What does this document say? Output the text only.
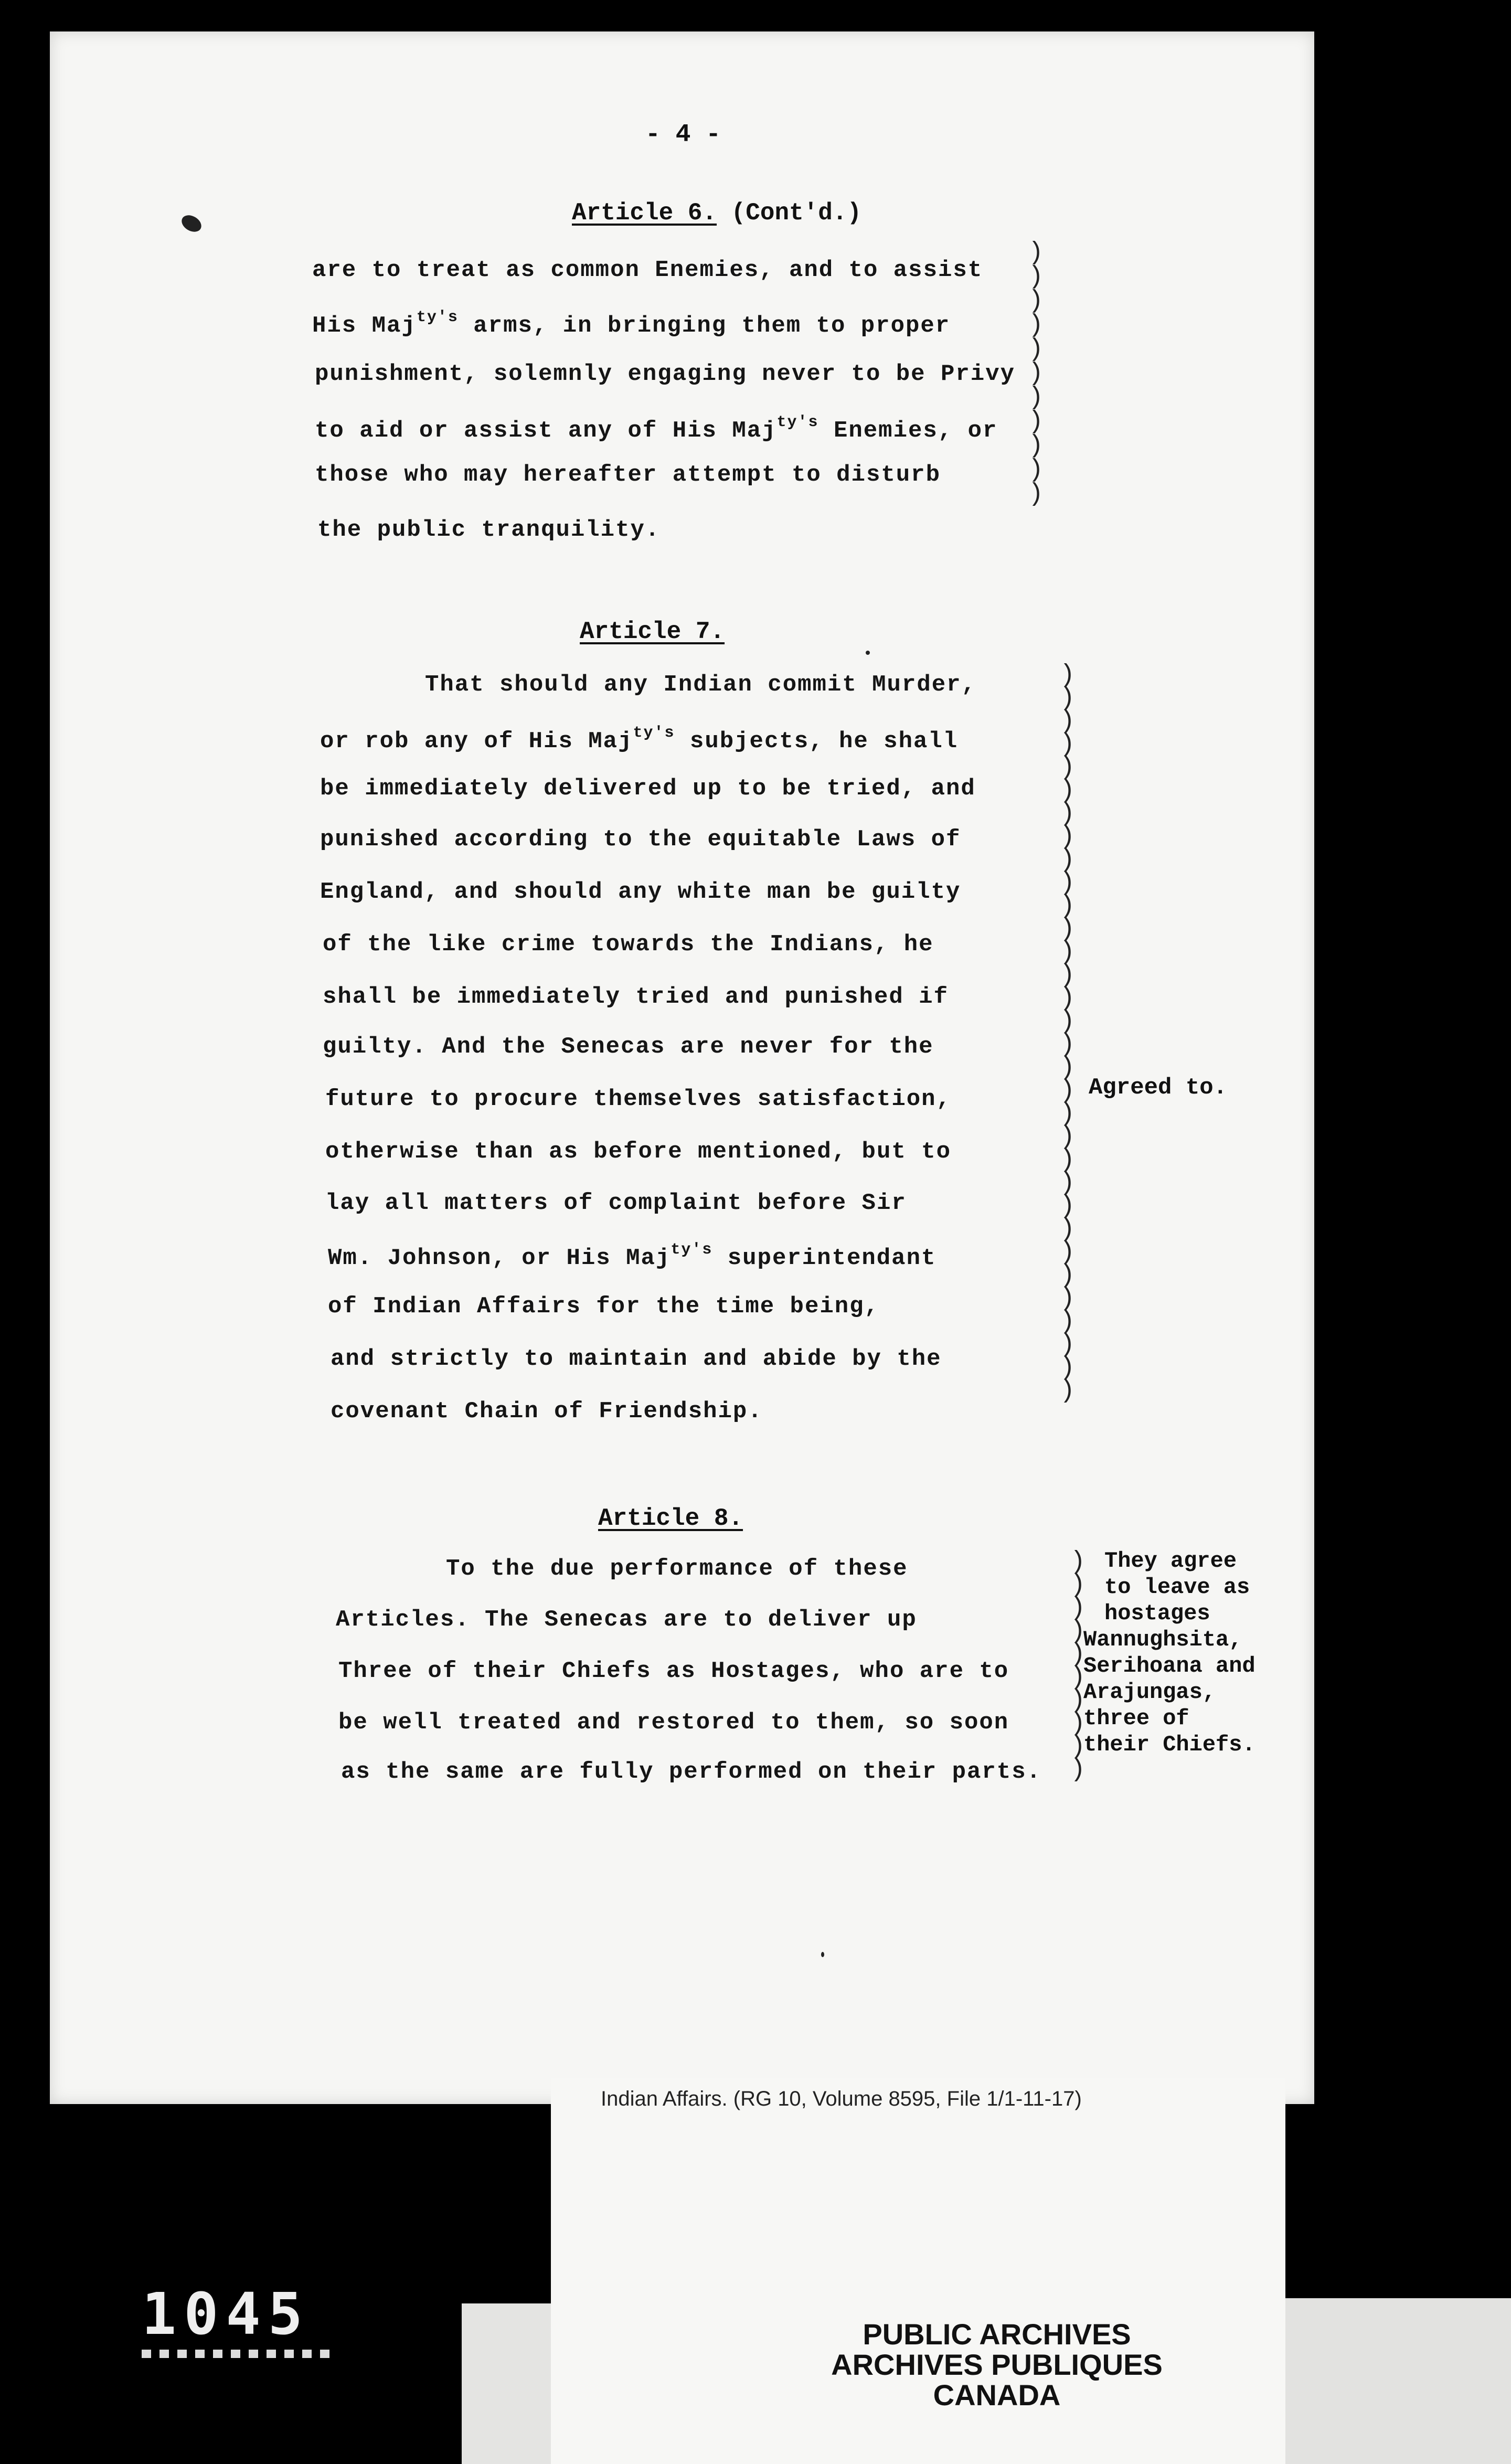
- 4 -
Article 6. (Cont'd.)
are to treat as common Enemies, and to assist
His Maj$^{ty's}$ arms, in bringing them to proper
punishment, solemnly engaging never to be Privy
to aid or assist any of His Maj$^{ty's}$ Enemies, or
those who may hereafter attempt to disturb
the public tranquility.
Article 7.
That should any Indian commit Murder,
or rob any of His Maj$^{ty's}$ subjects, he shall
be immediately delivered up to be tried, and
punished according to the equitable Laws of
England, and should any white man be guilty
of the like crime towards the Indians, he
shall be immediately tried and punished if
guilty. And the Senecas are never for the
future to procure themselves satisfaction,
otherwise than as before mentioned, but to
lay all matters of complaint before Sir
Wm. Johnson, or His Maj$^{ty's}$ superintendant
of Indian Affairs for the time being,
and strictly to maintain and abide by the
covenant Chain of Friendship.
Agreed to.
Article 8.
To the due performance of these
Articles. The Senecas are to deliver up
Three of their Chiefs as Hostages, who are to
be well treated and restored to them, so soon
as the same are fully performed on their parts.
They agree
to leave as
hostages
Wannughsita,
Serihoana and
Arajungas,
three of
their Chiefs.
)
)
)
)
)
)
)
)
)
)
)
)
)
)
)
)
)
)
)
)
)
)
)
)
)
)
)
)
)
)
)
)
)
)
)
)
)
)
)
)
)
)
)
)
)
)
)
)
)
)
)
)
)
Indian Affairs. (RG 10, Volume 8595, File 1/1-11-17)
PUBLIC ARCHIVES
ARCHIVES PUBLIQUES
CANADA
1045
